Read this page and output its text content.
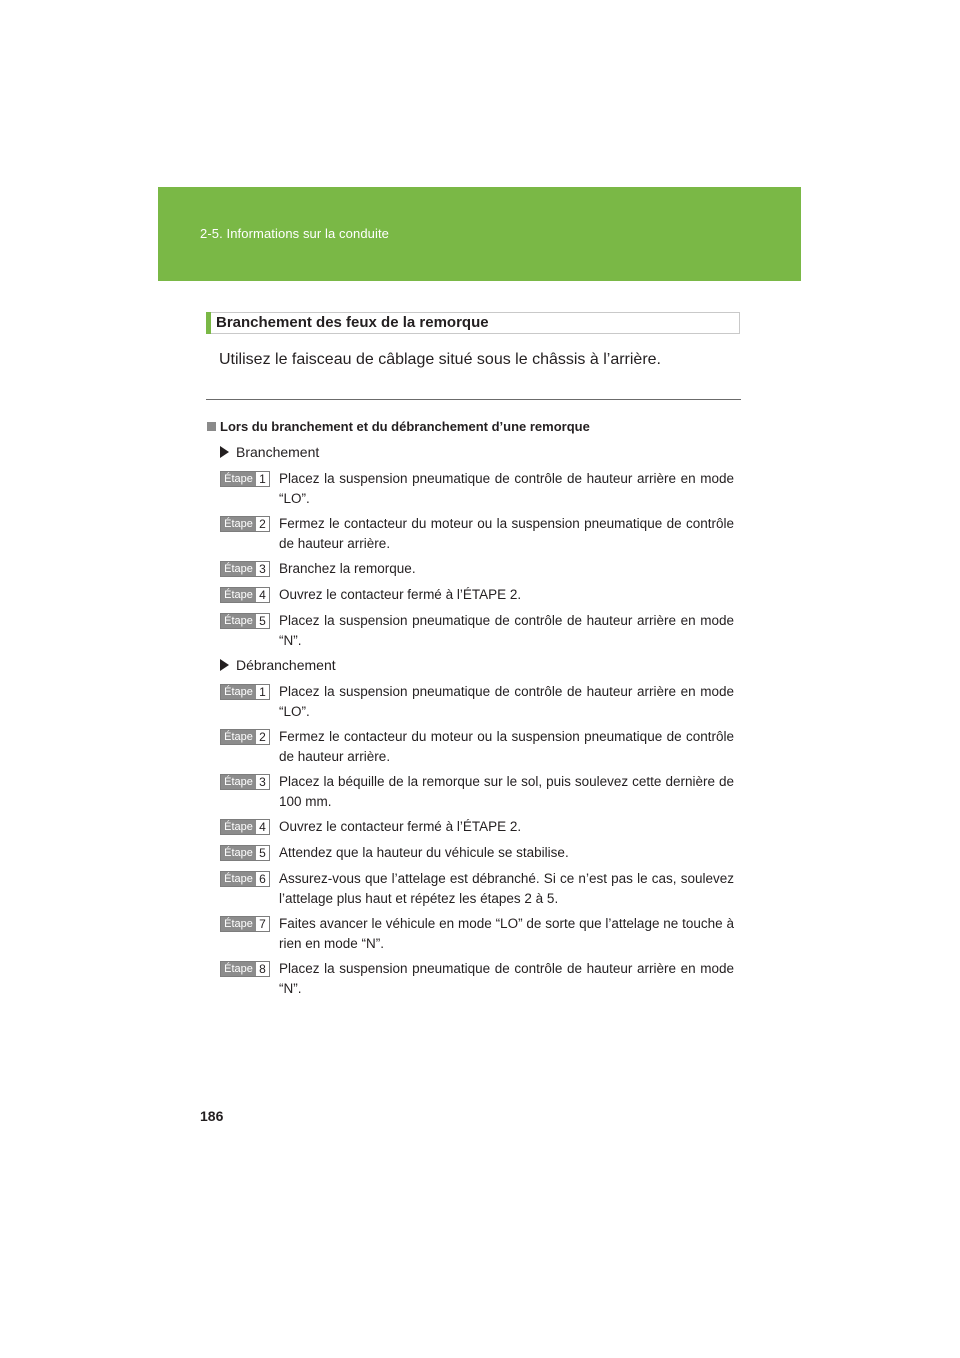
2-5. Informations sur la conduite
Branchement des feux de la remorque
Utilisez le faisceau de câblage situé sous le châssis à l’arrière.
Lors du branchement et du débranchement d’une remorque
Branchement
Étape 1 Placez la suspension pneumatique de contrôle de hauteur arrière en mode “LO”.
Étape 2 Fermez le contacteur du moteur ou la suspension pneumatique de contrôle de hauteur arrière.
Étape 3 Branchez la remorque.
Étape 4 Ouvrez le contacteur fermé à l’ÉTAPE 2.
Étape 5 Placez la suspension pneumatique de contrôle de hauteur arrière en mode “N”.
Débranchement
Étape 1 Placez la suspension pneumatique de contrôle de hauteur arrière en mode “LO”.
Étape 2 Fermez le contacteur du moteur ou la suspension pneumatique de contrôle de hauteur arrière.
Étape 3 Placez la béquille de la remorque sur le sol, puis soulevez cette dernière de 100 mm.
Étape 4 Ouvrez le contacteur fermé à l’ÉTAPE 2.
Étape 5 Attendez que la hauteur du véhicule se stabilise.
Étape 6 Assurez-vous que l’attelage est débranché. Si ce n’est pas le cas, soulevez l’attelage plus haut et répétez les étapes 2 à 5.
Étape 7 Faites avancer le véhicule en mode “LO” de sorte que l’attelage ne touche à rien en mode “N”.
Étape 8 Placez la suspension pneumatique de contrôle de hauteur arrière en mode “N”.
186
